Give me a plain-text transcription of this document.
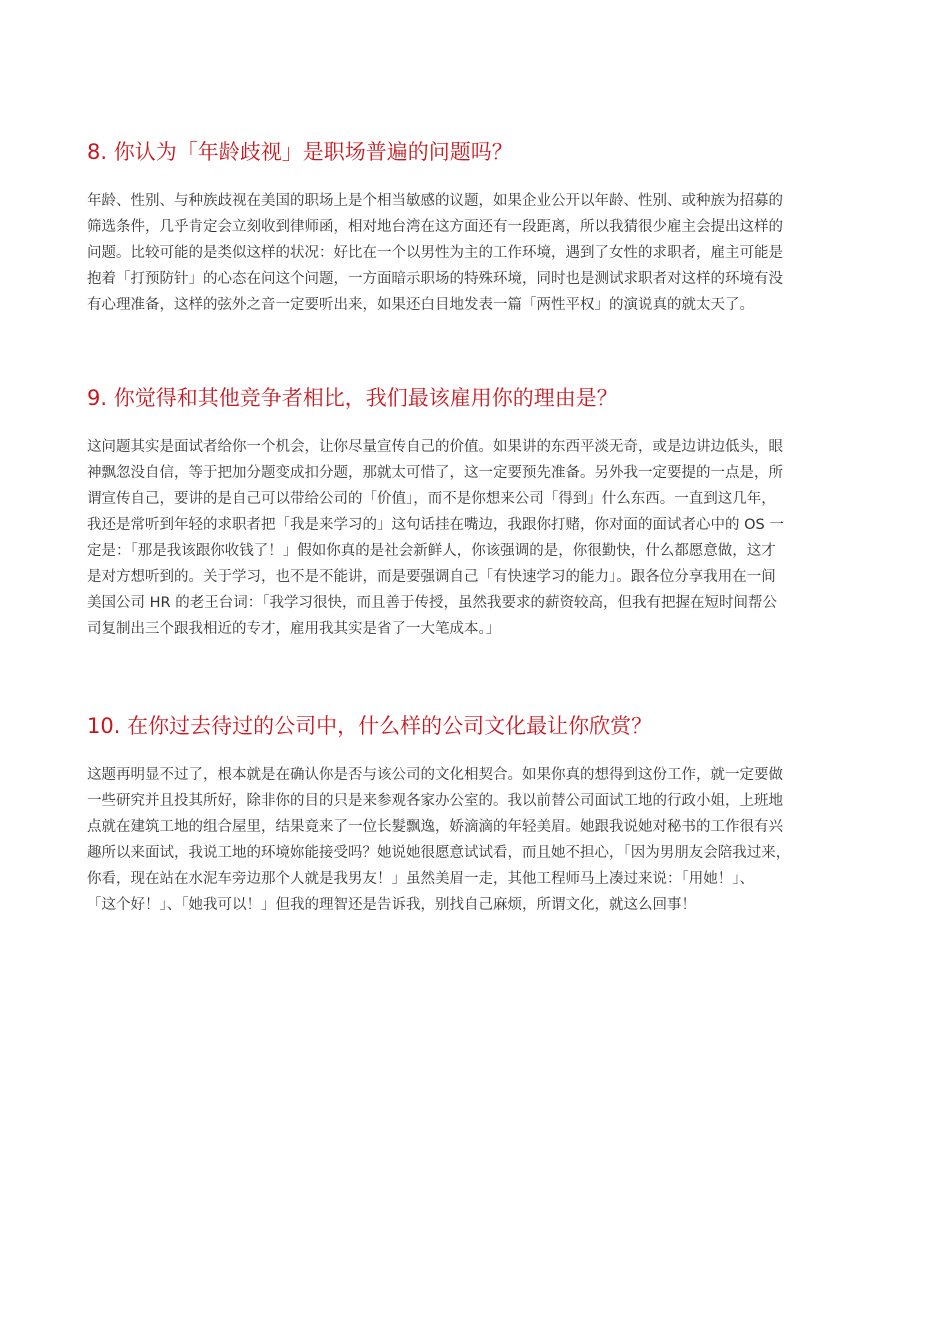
8. 你认为「年龄歧视」是职场普遍的问题吗？

年龄、性别、与种族歧视在美国的职场上是个相当敏感的议题，如果企业公开以年龄、性别、或种族为招募的
筛选条件，几乎肯定会立刻收到律师函，相对地台湾在这方面还有一段距离，所以我猜很少雇主会提出这样的
问题。比较可能的是类似这样的状况：好比在一个以男性为主的工作环境，遇到了女性的求职者，雇主可能是
抱着「打预防针」的心态在问这个问题，一方面暗示职场的特殊环境，同时也是测试求职者对这样的环境有没
有心理准备，这样的弦外之音一定要听出来，如果还白目地发表一篇「两性平权」的演说真的就太天了。

9. 你觉得和其他竞争者相比，我们最该雇用你的理由是？

这问题其实是面试者给你一个机会，让你尽量宣传自己的价值。如果讲的东西平淡无奇，或是边讲边低头，眼
神飘忽没自信，等于把加分题变成扣分题，那就太可惜了，这一定要预先准备。另外我一定要提的一点是，所
谓宣传自己，要讲的是自己可以带给公司的「价值」，而不是你想来公司「得到」什么东西。一直到这几年，
我还是常听到年轻的求职者把「我是来学习的」这句话挂在嘴边，我跟你打赌，你对面的面试者心中的 OS 一
定是：「那是我该跟你收钱了！」假如你真的是社会新鲜人，你该强调的是，你很勤快，什么都愿意做，这才
是对方想听到的。关于学习，也不是不能讲，而是要强调自己「有快速学习的能力」。跟各位分享我用在一间
美国公司 HR 的老王台词：「我学习很快，而且善于传授，虽然我要求的薪资较高，但我有把握在短时间帮公
司复制出三个跟我相近的专才，雇用我其实是省了一大笔成本。」

10. 在你过去待过的公司中，什么样的公司文化最让你欣赏？

这题再明显不过了，根本就是在确认你是否与该公司的文化相契合。如果你真的想得到这份工作，就一定要做
一些研究并且投其所好，除非你的目的只是来参观各家办公室的。我以前替公司面试工地的行政小姐，上班地
点就在建筑工地的组合屋里，结果竟来了一位长髮飘逸，娇滴滴的年轻美眉。她跟我说她对秘书的工作很有兴
趣所以来面试，我说工地的环境妳能接受吗？她说她很愿意试试看，而且她不担心，「因为男朋友会陪我过来，
你看，现在站在水泥车旁边那个人就是我男友！」虽然美眉一走，其他工程师马上凑过来说：「用她！」、
「这个好！」、「她我可以！」但我的理智还是告诉我，别找自己麻烦，所谓文化，就这么回事！
